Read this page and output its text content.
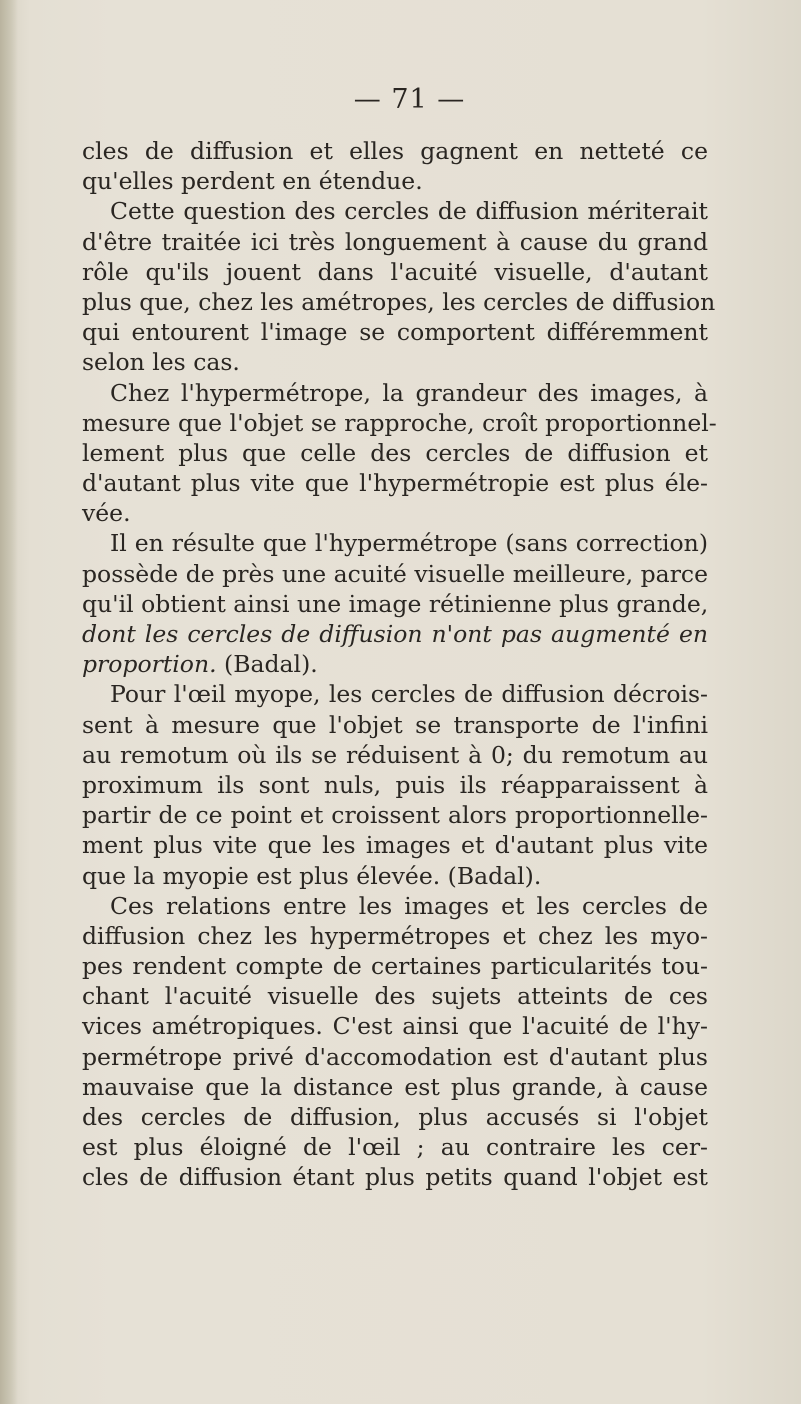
— 71 —

cles de diffusion et elles gagnent en netteté ce
qu'elles perdent en étendue.
Cette question des cercles de diffusion mériterait
d'être traitée ici très longuement à cause du grand
rôle qu'ils jouent dans l'acuité visuelle, d'autant
plus que, chez les amétropes, les cercles de diffusion
qui entourent l'image se comportent différemment
selon les cas.
Chez l'hypermétrope, la grandeur des images, à
mesure que l'objet se rapproche, croît proportionnel-
lement plus que celle des cercles de diffusion et
d'autant plus vite que l'hypermétropie est plus éle-
vée.
Il en résulte que l'hypermétrope (sans correction)
possède de près une acuité visuelle meilleure, parce
qu'il obtient ainsi une image rétinienne plus grande,
dont les cercles de diffusion n'ont pas augmenté en
proportion. (Badal).
Pour l'œil myope, les cercles de diffusion décrois-
sent à mesure que l'objet se transporte de l'infini
au remotum où ils se réduisent à 0; du remotum au
proximum ils sont nuls, puis ils réapparaissent à
partir de ce point et croissent alors proportionnelle-
ment plus vite que les images et d'autant plus vite
que la myopie est plus élevée. (Badal).
Ces relations entre les images et les cercles de
diffusion chez les hypermétropes et chez les myo-
pes rendent compte de certaines particularités tou-
chant l'acuité visuelle des sujets atteints de ces
vices amétropiques. C'est ainsi que l'acuité de l'hy-
permétrope privé d'accomodation est d'autant plus
mauvaise que la distance est plus grande, à cause
des cercles de diffusion, plus accusés si l'objet
est plus éloigné de l'œil ; au contraire les cer-
cles de diffusion étant plus petits quand l'objet est
